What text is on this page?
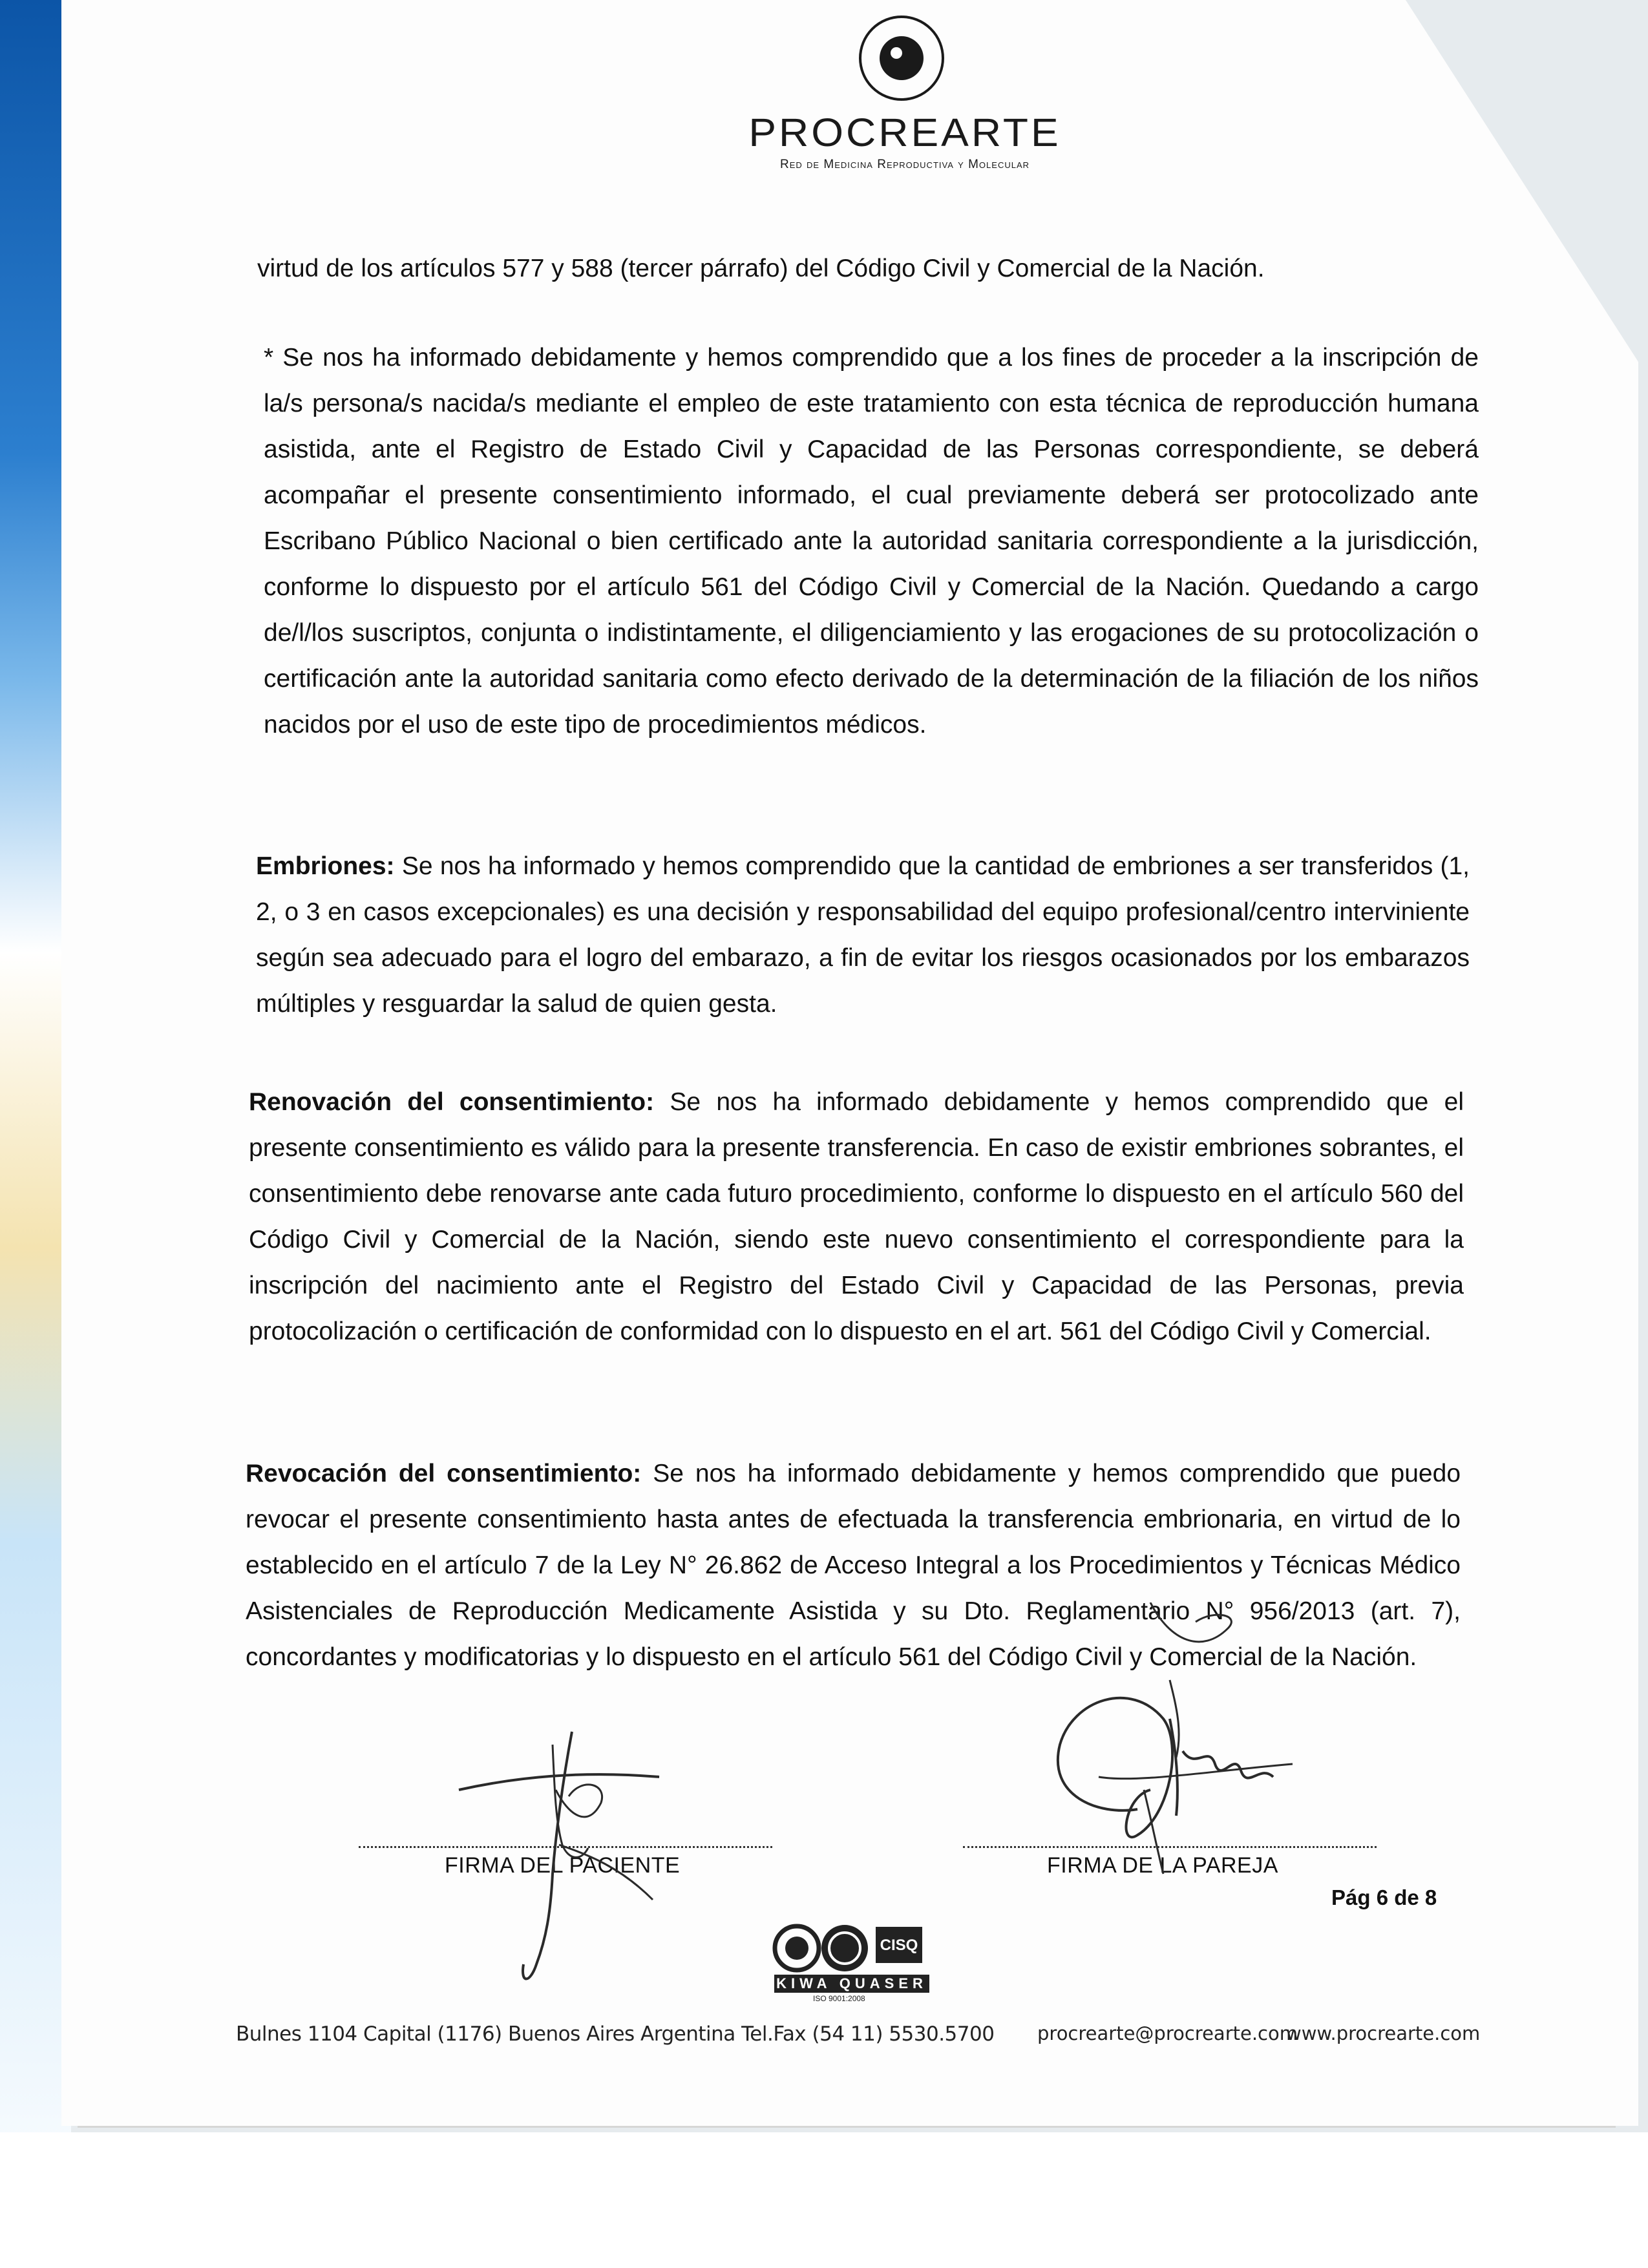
PROCREARTE
Red de Medicina Reproductiva y Molecular
virtud de los artículos 577 y 588 (tercer párrafo) del Código Civil y Comercial de la Nación.
* Se nos ha informado debidamente y hemos comprendido que a los fines de proceder a la inscripción de la/s persona/s nacida/s mediante el empleo de este tratamiento con esta técnica de reproducción humana asistida, ante el Registro de Estado Civil y Capacidad de las Personas correspondiente, se deberá acompañar el presente consentimiento informado, el cual previamente deberá ser protocolizado ante Escribano Público Nacional o bien certificado ante la autoridad sanitaria correspondiente a la jurisdicción, conforme lo dispuesto por el artículo 561 del Código Civil y Comercial de la Nación. Quedando a cargo de/l/los suscriptos, conjunta o indistintamente, el diligenciamiento y las erogaciones de su protocolización o certificación ante la autoridad sanitaria como efecto derivado de la determinación de la filiación de los niños nacidos por el uso de este tipo de procedimientos médicos.
Embriones: Se nos ha informado y hemos comprendido que la cantidad de embriones a ser transferidos (1, 2, o 3 en casos excepcionales) es una decisión y responsabilidad del equipo profesional/centro interviniente según sea adecuado para el logro del embarazo, a fin de evitar los riesgos ocasionados por los embarazos múltiples y resguardar la salud de quien gesta.
Renovación del consentimiento: Se nos ha informado debidamente y hemos comprendido que el presente consentimiento es válido para la presente transferencia. En caso de existir embriones sobrantes, el consentimiento debe renovarse ante cada futuro procedimiento, conforme lo dispuesto en el artículo 560 del Código Civil y Comercial de la Nación, siendo este nuevo consentimiento el correspondiente para la inscripción del nacimiento ante el Registro del Estado Civil y Capacidad de las Personas, previa protocolización o certificación de conformidad con lo dispuesto en el art. 561 del Código Civil y Comercial.
Revocación del consentimiento: Se nos ha informado debidamente y hemos comprendido que puedo revocar el presente consentimiento hasta antes de efectuada la transferencia embrionaria, en virtud de lo establecido en el artículo 7 de la Ley N° 26.862 de Acceso Integral a los Procedimientos y Técnicas Médico Asistenciales de Reproducción Medicamente Asistida y su Dto. Reglamentario N° 956/2013 (art. 7), concordantes y modificatorias y lo dispuesto en el artículo 561 del Código Civil y Comercial de la Nación.
FIRMA DEL PACIENTE	FIRMA DE LA PAREJA
Pág 6 de 8
CISQ
KIWA QUASER
ISO 9001:2008
Bulnes 1104 Capital (1176) Buenos Aires Argentina Tel.Fax (54 11) 5530.5700 procrearte@procrearte.com
www.procrearte.com
